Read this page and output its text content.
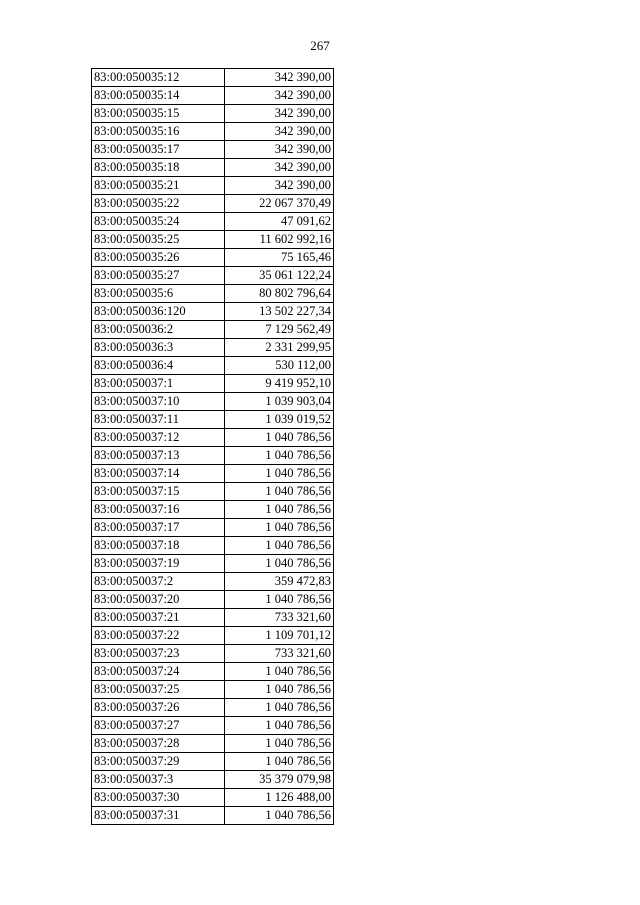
267
83:00:050035:12	342 390,00
83:00:050035:14	342 390,00
83:00:050035:15	342 390,00
83:00:050035:16	342 390,00
83:00:050035:17	342 390,00
83:00:050035:18	342 390,00
83:00:050035:21	342 390,00
83:00:050035:22	22 067 370,49
83:00:050035:24	47 091,62
83:00:050035:25	11 602 992,16
83:00:050035:26	75 165,46
83:00:050035:27	35 061 122,24
83:00:050035:6	80 802 796,64
83:00:050036:120	13 502 227,34
83:00:050036:2	7 129 562,49
83:00:050036:3	2 331 299,95
83:00:050036:4	530 112,00
83:00:050037:1	9 419 952,10
83:00:050037:10	1 039 903,04
83:00:050037:11	1 039 019,52
83:00:050037:12	1 040 786,56
83:00:050037:13	1 040 786,56
83:00:050037:14	1 040 786,56
83:00:050037:15	1 040 786,56
83:00:050037:16	1 040 786,56
83:00:050037:17	1 040 786,56
83:00:050037:18	1 040 786,56
83:00:050037:19	1 040 786,56
83:00:050037:2	359 472,83
83:00:050037:20	1 040 786,56
83:00:050037:21	733 321,60
83:00:050037:22	1 109 701,12
83:00:050037:23	733 321,60
83:00:050037:24	1 040 786,56
83:00:050037:25	1 040 786,56
83:00:050037:26	1 040 786,56
83:00:050037:27	1 040 786,56
83:00:050037:28	1 040 786,56
83:00:050037:29	1 040 786,56
83:00:050037:3	35 379 079,98
83:00:050037:30	1 126 488,00
83:00:050037:31	1 040 786,56
